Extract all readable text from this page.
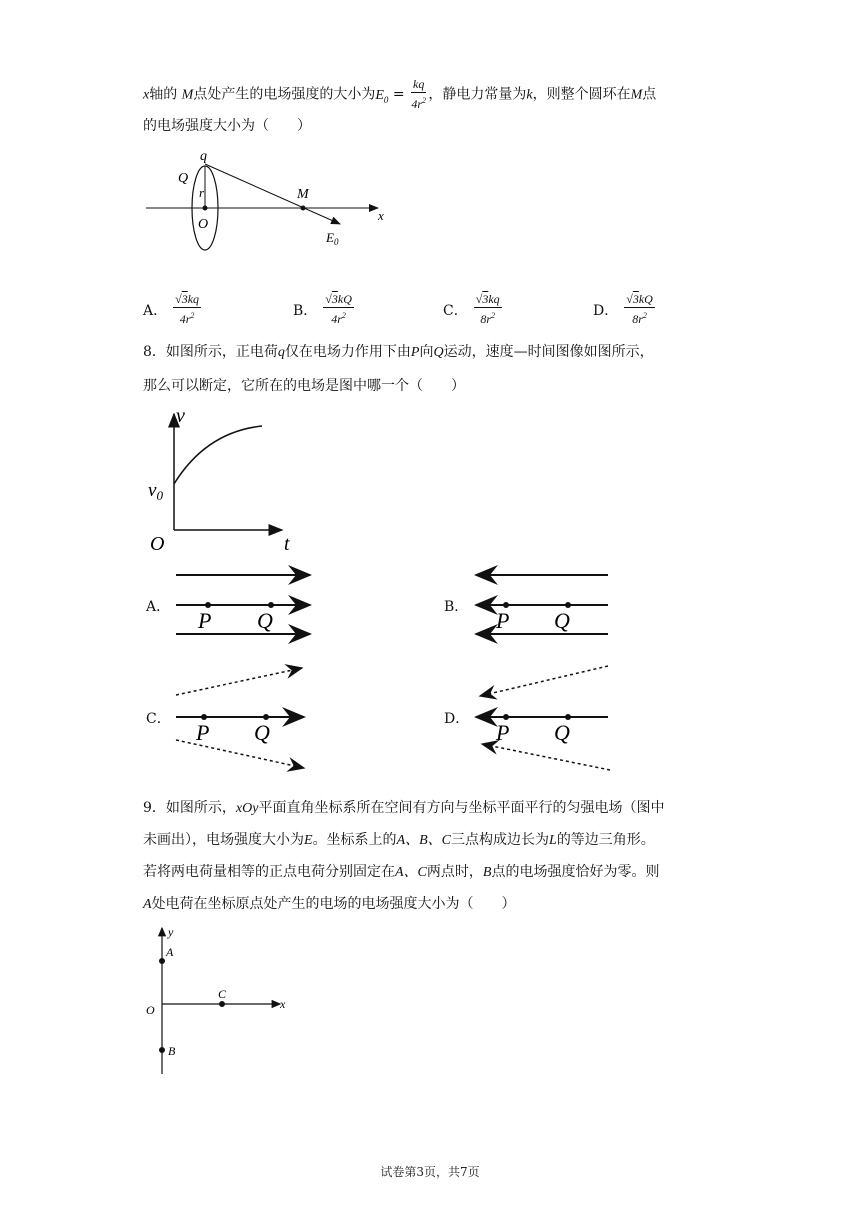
x轴的 M点处产生的电场强度的大小为$E_0 = \frac{kq}{4r^2}$ ，静电力常量为k，则整个圆环在M点
的电场强度大小为（　　）
q
Q
r
O
M
x
$E_0$
A． $\frac{√3kq}{4r^2}$	B． $\frac{√3kQ}{4r^2}$	C． $\frac{√3kq}{8r^2}$	D． $\frac{√3kQ}{8r^2}$
8．如图所示，正电荷q仅在电场力作用下由P向Q运动，速度—时间图像如图所示，
那么可以断定，它所在的电场是图中哪一个（　　）
v
$v_0$
O	t
A．
P Q
B．
P Q
C．
P Q
D．
P Q
9．如图所示，xOy平面直角坐标系所在空间有方向与坐标平面平行的匀强电场（图中
未画出），电场强度大小为E。坐标系上的A、B、C三点构成边长为L的等边三角形。
若将两电荷量相等的正点电荷分别固定在A、C两点时，B点的电场强度恰好为零。则
A处电荷在坐标原点处产生的电场的电场强度大小为（　　）
y
A
O
C
x
B
试卷第3页，共7页
